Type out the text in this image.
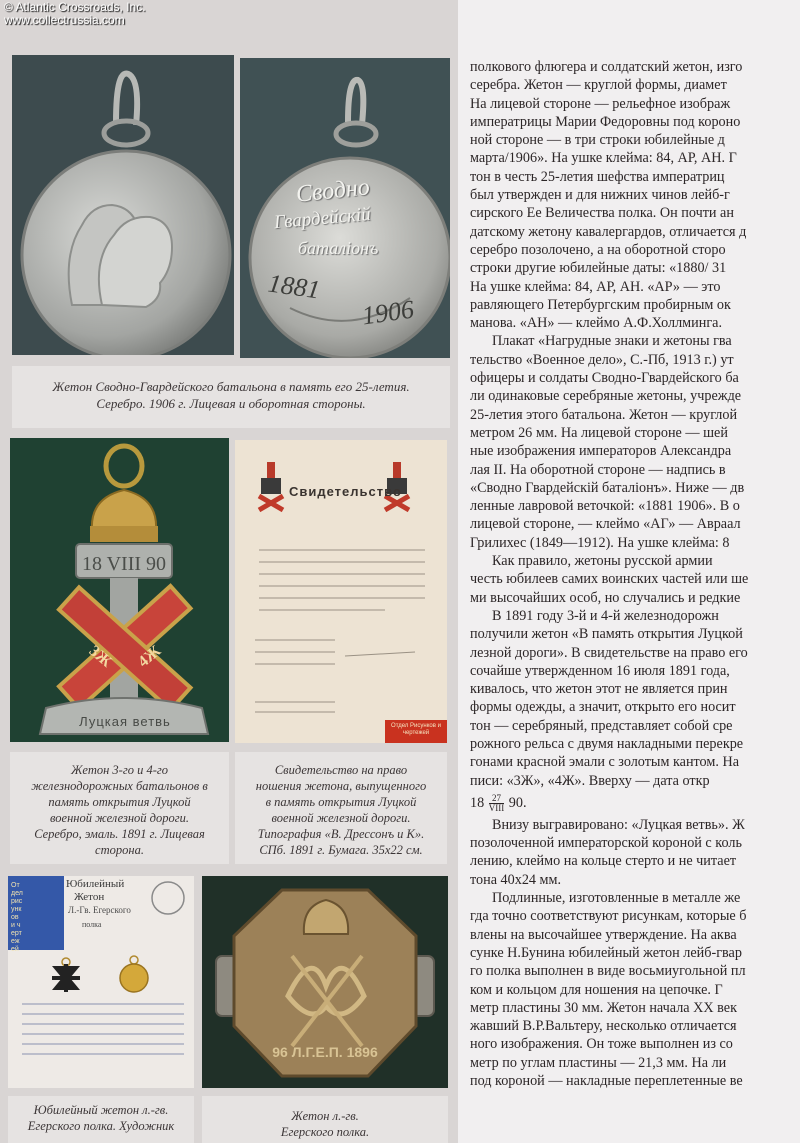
© Atlantic Crossroads, Inc.
www.collectrussia.com
Сводно
Гвардейскiй
баталiонъ
1881
1906
Жетон Сводно-Гвардейского батальона в память его 25-летия.
Серебро. 1906 г. Лицевая и оборотная стороны.
18 VIII 90
3Ж 4Ж
Луцкая ветвь
Свидетельство
Отдел Рисунков и чертежей
Жетон 3-го и 4-го
железнодорожных батальонов в
память открытия Луцкой
военной железной дороги.
Серебро, эмаль. 1891 г. Лицевая
сторона.
Свидетельство на право
ношения жетона, выпущенного
в память открытия Луцкой
военной железной дороги.
Типография «В. Дрессонъ и К».
СПб. 1891 г. Бумага. 35х22 см.
Отдел рисунков и чертежей
Юбилейный
Жетон
Л.-Гв. Егерского
полка
96 Л.Г.Е.П. 1896
Юбилейный жетон л.-гв.
Егерского полка. Художник
Жетон л.-гв.
Егерского полка.

полкового флюгера и солдатский жетон, изго

серебра. Жетон — круглой формы, диамет

На лицевой стороне — рельефное изображ

императрицы Марии Федоровны под короно

ной стороне — в три строки юбилейные д

марта/1906». На ушке клейма: 84, АР, АН. Г

тон в честь 25-летия шефства императриц

был утвержден и для нижних чинов лейб-г

сирского Ее Величества полка. Он почти ан

датскому жетону кавалергардов, отличается д

серебро позолочено, а на оборотной сторо

строки другие юбилейные даты: «1880/ 31

На ушке клейма: 84, АР, АН. «АР» — это

равляющего Петербургским пробирным ок

манова. «АН» — клеймо А.Ф.Холлминга.

Плакат «Нагрудные знаки и жетоны гва

тельство «Военное дело», С.-Пб, 1913 г.) ут

офицеры и солдаты Сводно-Гвардейского ба

ли одинаковые серебряные жетоны, учрежде

25-летия этого батальона. Жетон — круглой

метром 26 мм. На лицевой стороне — шей

ные изображения императоров Александра

лая II. На оборотной стороне — надпись в

«Сводно Гвардейскiй баталiонъ». Ниже — дв

ленные лавровой веточкой: «1881 1906». В о

лицевой стороне, — клеймо «АГ» — Авраал

Грилихес (1849—1912). На ушке клейма: 8

Как правило, жетоны русской армии

честь юбилеев самих воинских частей или ше

ми высочайших особ, но случались и редкие

В 1891 году 3-й и 4-й железнодорожн

получили жетон «В память открытия Луцкой

лезной дороги». В свидетельстве на право его

сочайше утвержденном 16 июля 1891 года,

кивалось, что жетон этот не является прин

формы одежды, а значит, открыто его носит

тон — серебряный, представляет собой сре

рожного рельса с двумя накладными перекре

гонами красной эмали с золотым кантом. На

писи: «3Ж», «4Ж». Вверху — дата откр

$18 \frac{27}{\text{VIII}} 90$.

Внизу выгравировано: «Луцкая ветвь». Ж

позолоченной императорской короной с коль

лению, клеймо на кольце стерто и не читает

тона 40х24 мм.

Подлинные, изготовленные в металле же

гда точно соответствуют рисункам, которые б

влены на высочайшее утверждение. На аква

сунке Н.Бунина юбилейный жетон лейб-гвар

го полка выполнен в виде восьмиугольной пл

ком и кольцом для ношения на цепочке. Г

метр пластины 30 мм. Жетон начала XX век

жавший В.Р.Вальтеру, несколько отличается

ного изображения. Он тоже выполнен из со

метр по углам пластины — 21,3 мм. На ли

под короной — накладные переплетенные ве
